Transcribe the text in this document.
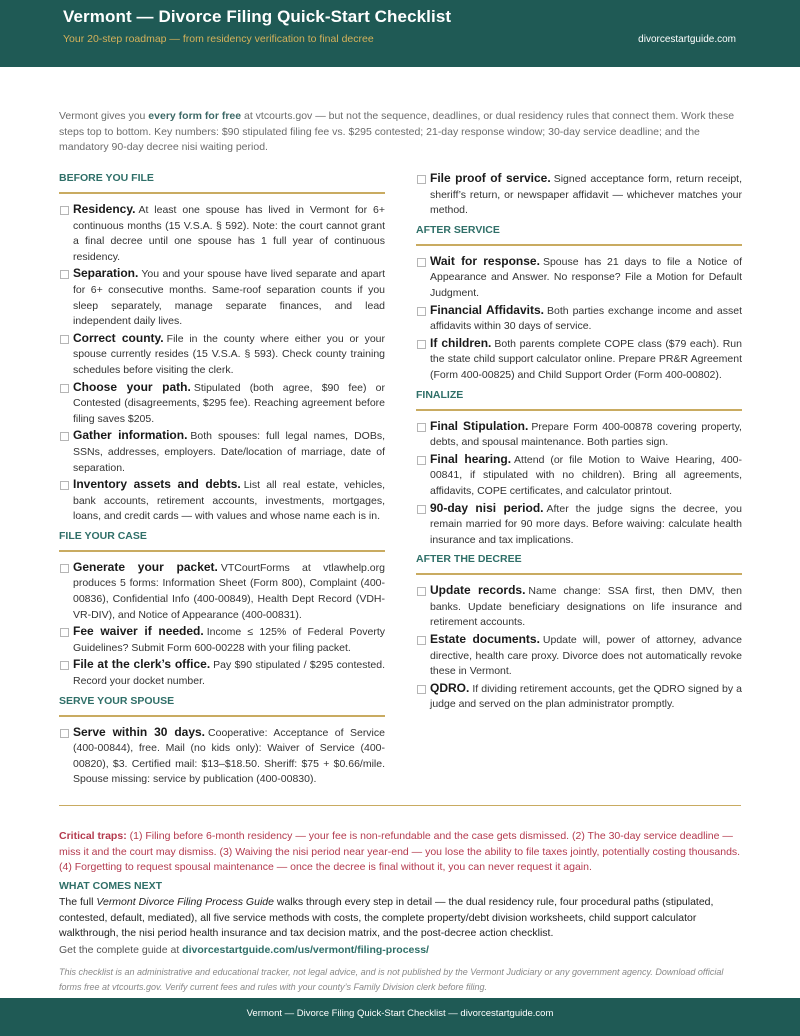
Vermont — Divorce Filing Quick-Start Checklist
Your 20-step roadmap — from residency verification to final decree	divorcestartguide.com

Vermont gives you every form for free at vtcourts.gov — but not the sequence, deadlines, or dual residency rules that connect them. Work these steps top to bottom. Key numbers: $90 stipulated filing fee vs. $295 contested; 21-day response window; 30-day service deadline; and the mandatory 90-day decree nisi waiting period.

BEFORE YOU FILE
Residency. At least one spouse has lived in Vermont for 6+ continuous months (15 V.S.A. § 592). Note: the court cannot grant a final decree until one spouse has 1 full year of continuous residency.
Separation. You and your spouse have lived separate and apart for 6+ consecutive months. Same-roof separation counts if you sleep separately, manage separate finances, and lead independent daily lives.
Correct county. File in the county where either you or your spouse currently resides (15 V.S.A. § 593). Check county training schedules before visiting the clerk.
Choose your path. Stipulated (both agree, $90 fee) or Contested (disagreements, $295 fee). Reaching agreement before filing saves $205.
Gather information. Both spouses: full legal names, DOBs, SSNs, addresses, employers. Date/location of marriage, date of separation.
Inventory assets and debts. List all real estate, vehicles, bank accounts, retirement accounts, investments, mortgages, loans, and credit cards — with values and whose name each is in.
FILE YOUR CASE
Generate your packet. VTCourtForms at vtlawhelp.org produces 5 forms: Information Sheet (Form 800), Complaint (400-00836), Confidential Info (400-00849), Health Dept Record (VDH-VR-DIV), and Notice of Appearance (400-00831).
Fee waiver if needed. Income ≤ 125% of Federal Poverty Guidelines? Submit Form 600-00228 with your filing packet.
File at the clerk’s office. Pay $90 stipulated / $295 contested. Record your docket number.
SERVE YOUR SPOUSE
Serve within 30 days. Cooperative: Acceptance of Service (400-00844), free. Mail (no kids only): Waiver of Service (400-00820), $3. Certified mail: $13–$18.50. Sheriff: $75 + $0.66/mile. Spouse missing: service by publication (400-00830).
File proof of service. Signed acceptance form, return receipt, sheriff’s return, or newspaper affidavit — whichever matches your method.
AFTER SERVICE
Wait for response. Spouse has 21 days to file a Notice of Appearance and Answer. No response? File a Motion for Default Judgment.
Financial Affidavits. Both parties exchange income and asset affidavits within 30 days of service.
If children. Both parents complete COPE class ($79 each). Run the state child support calculator online. Prepare PR&R Agreement (Form 400-00825) and Child Support Order (Form 400-00802).
FINALIZE
Final Stipulation. Prepare Form 400-00878 covering property, debts, and spousal maintenance. Both parties sign.
Final hearing. Attend (or file Motion to Waive Hearing, 400-00841, if stipulated with no children). Bring all agreements, affidavits, COPE certificates, and calculator printout.
90-day nisi period. After the judge signs the decree, you remain married for 90 more days. Before waiving: calculate health insurance and tax implications.
AFTER THE DECREE
Update records. Name change: SSA first, then DMV, then banks. Update beneficiary designations on life insurance and retirement accounts.
Estate documents. Update will, power of attorney, advance directive, health care proxy. Divorce does not automatically revoke these in Vermont.
QDRO. If dividing retirement accounts, get the QDRO signed by a judge and served on the plan administrator promptly.

Critical traps: (1) Filing before 6-month residency — your fee is non-refundable and the case gets dismissed. (2) The 30-day service deadline — miss it and the court may dismiss. (3) Waiving the nisi period near year-end — you lose the ability to file taxes jointly, potentially costing thousands. (4) Forgetting to request spousal maintenance — once the decree is final without it, you can never request it again.

WHAT COMES NEXT

The full Vermont Divorce Filing Process Guide walks through every step in detail — the dual residency rule, four procedural paths (stipulated, contested, default, mediated), all five service methods with costs, the complete property/debt division worksheets, child support calculator walkthrough, the nisi period health insurance and tax decision matrix, and the post-decree action checklist.

Get the complete guide at divorcestartguide.com/us/vermont/filing-process/

This checklist is an administrative and educational tracker, not legal advice, and is not published by the Vermont Judiciary or any government agency. Download official forms free at vtcourts.gov. Verify current fees and rules with your county’s Family Division clerk before filing.

Vermont — Divorce Filing Quick-Start Checklist — divorcestartguide.com
